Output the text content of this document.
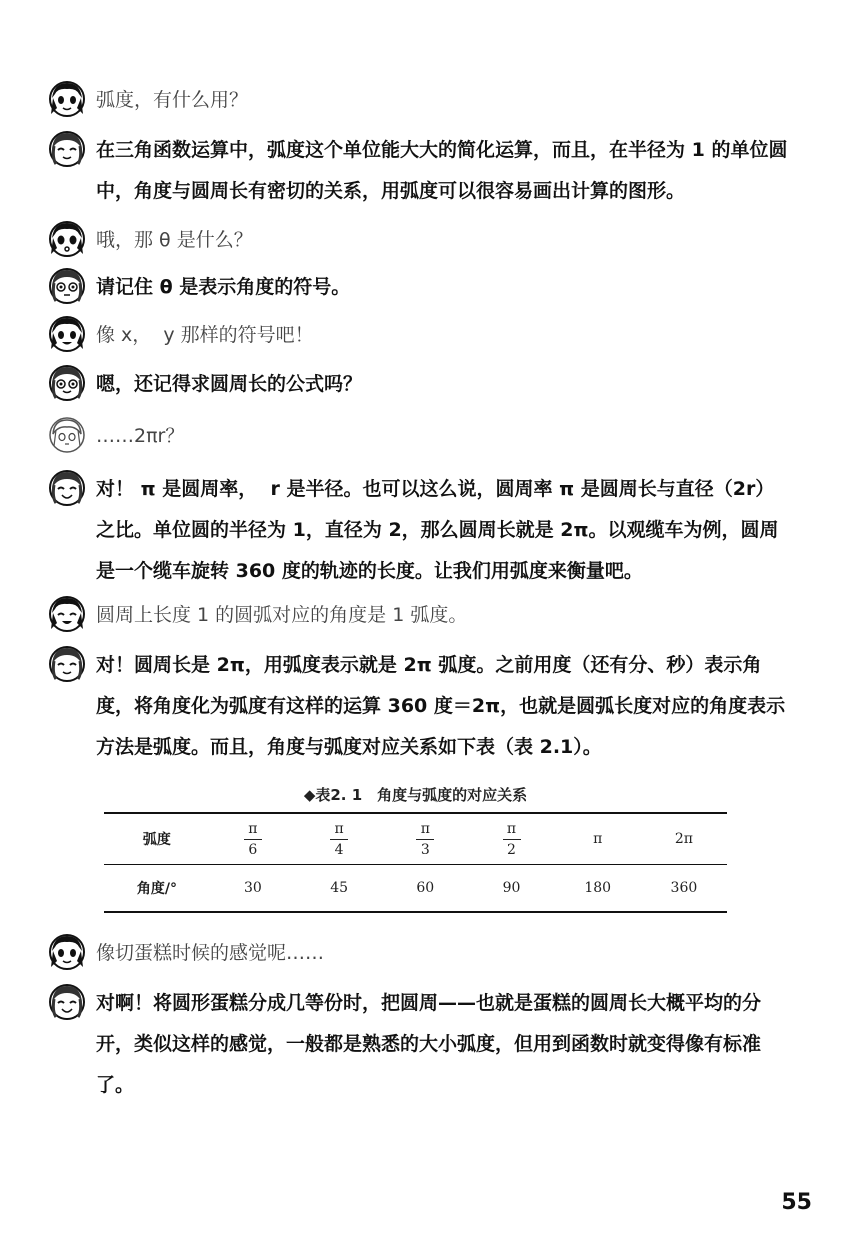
弧度，有什么用？
在三角函数运算中，弧度这个单位能大大的简化运算，而且，在半径为 1 的单位圆中，角度与圆周长有密切的关系，用弧度可以很容易画出计算的图形。
哦，那 θ 是什么？
请记住 θ 是表示角度的符号。
像 x，  y 那样的符号吧！
嗯，还记得求圆周长的公式吗？
……2πr？
对！ π 是圆周率，  r 是半径。也可以这么说，圆周率 π 是圆周长与直径（2r）之比。单位圆的半径为 1，直径为 2，那么圆周长就是 2π。以观缆车为例，圆周是一个缆车旋转 360 度的轨迹的长度。让我们用弧度来衡量吧。
圆周上长度 1 的圆弧对应的角度是 1 弧度。
对！圆周长是 2π，用弧度表示就是 2π 弧度。之前用度（还有分、秒）表示角度，将角度化为弧度有这样的运算 360 度＝2π，也就是圆弧长度对应的角度表示方法是弧度。而且，角度与弧度对应关系如下表（表 2.1）。
◆表2. 1　角度与弧度的对应关系
弧度	$\frac{\pi}{6}$	$\frac{\pi}{4}$	$\frac{\pi}{3}$	$\frac{\pi}{2}$	π	2π
角度/°	30	45	60	90	180	360
像切蛋糕时候的感觉呢……
对啊！将圆形蛋糕分成几等份时，把圆周——也就是蛋糕的圆周长大概平均的分开，类似这样的感觉，一般都是熟悉的大小弧度，但用到函数时就变得像有标准了。
55
